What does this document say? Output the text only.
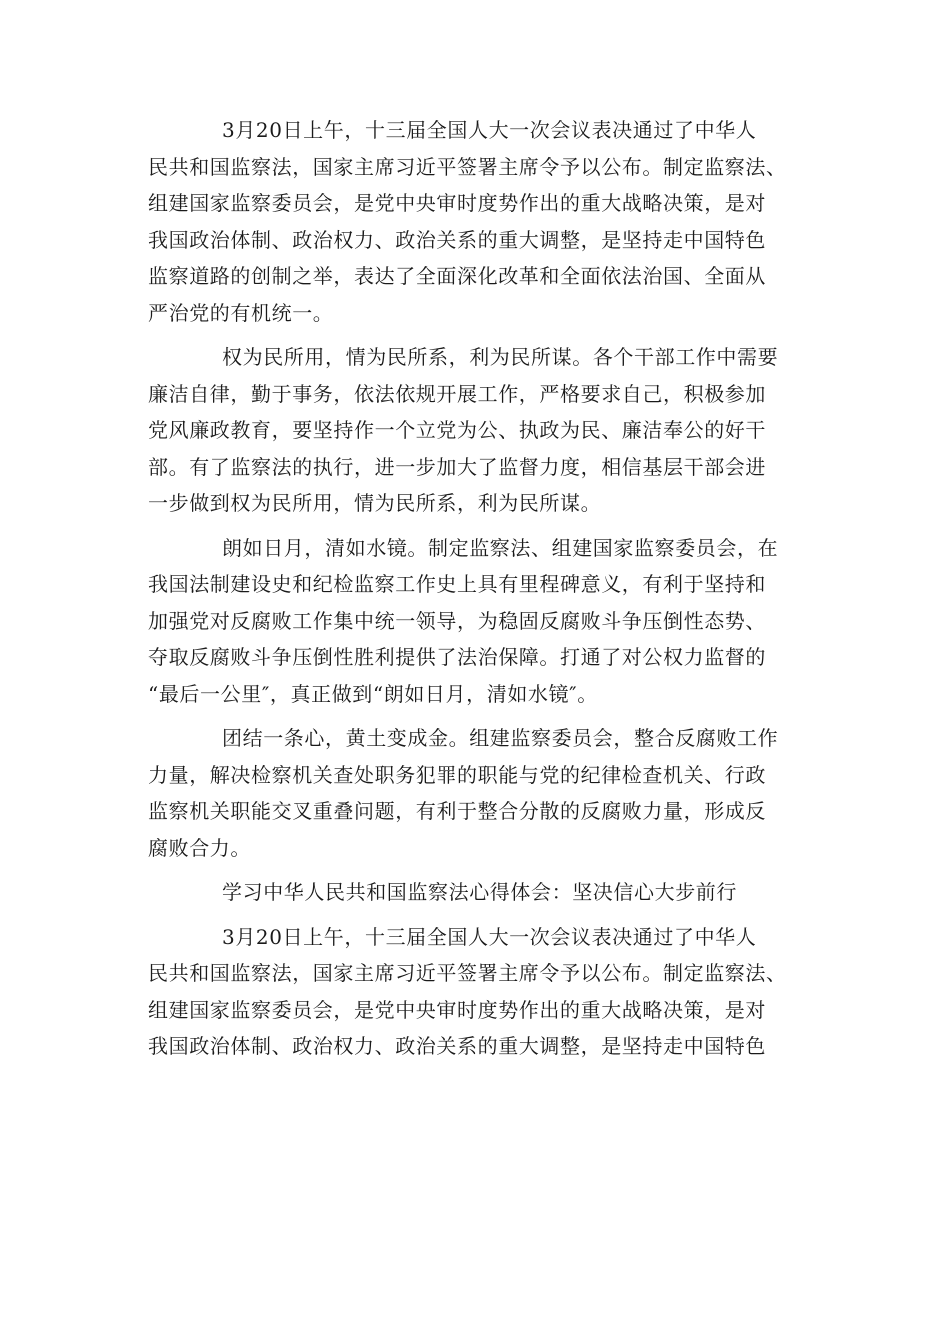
3月20日上午，十三届全国人大一次会议表决通过了中华人
民共和国监察法，国家主席习近平签署主席令予以公布。制定监察法、
组建国家监察委员会，是党中央审时度势作出的重大战略决策，是对
我国政治体制、政治权力、政治关系的重大调整，是坚持走中国特色
监察道路的创制之举，表达了全面深化改革和全面依法治国、全面从
严治党的有机统一。

权为民所用，情为民所系，利为民所谋。各个干部工作中需要
廉洁自律，勤于事务，依法依规开展工作，严格要求自己，积极参加
党风廉政教育，要坚持作一个立党为公、执政为民、廉洁奉公的好干
部。有了监察法的执行，进一步加大了监督力度，相信基层干部会进
一步做到权为民所用，情为民所系，利为民所谋。

朗如日月，清如水镜。制定监察法、组建国家监察委员会，在
我国法制建设史和纪检监察工作史上具有里程碑意义，有利于坚持和
加强党对反腐败工作集中统一领导，为稳固反腐败斗争压倒性态势、
夺取反腐败斗争压倒性胜利提供了法治保障。打通了对公权力监督的
“最后一公里″，真正做到“朗如日月，清如水镜″。

团结一条心，黄土变成金。组建监察委员会，整合反腐败工作
力量，解决检察机关查处职务犯罪的职能与党的纪律检查机关、行政
监察机关职能交叉重叠问题，有利于整合分散的反腐败力量，形成反
腐败合力。

学习中华人民共和国监察法心得体会：坚决信心大步前行

3月20日上午，十三届全国人大一次会议表决通过了中华人
民共和国监察法，国家主席习近平签署主席令予以公布。制定监察法、
组建国家监察委员会，是党中央审时度势作出的重大战略决策，是对
我国政治体制、政治权力、政治关系的重大调整，是坚持走中国特色
